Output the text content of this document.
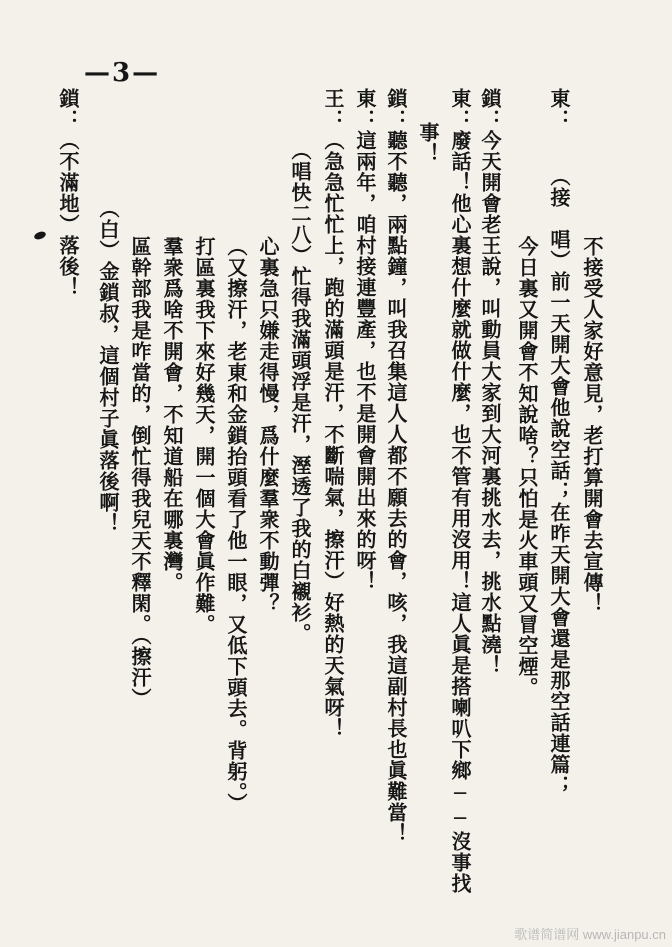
—3—
不接受人家好意見，老打算開會去宣傳！
（接　唱）前一天開大會他說空話；在昨天開大會還是那空話連篇；
今日裏又開會不知說啥？只怕是火車頭又冒空煙。
東：
鎖：今天開會老王說，叫動員大家到大河裏挑水去，挑水點澆！
東：廢話！他心裏想什麼就做什麼，也不管有用沒用！這人眞是搭喇叭下鄉──沒事找
事！
鎖：聽不聽，兩點鐘，叫我召集這人人都不願去的會，咳，我這副村長也眞難當！
東：這兩年，咱村接連豐產，也不是開會開出來的呀！
王：（急急忙忙上，跑的滿頭是汗，不斷喘氣，擦汗）好熱的天氣呀！
（唱快二八）忙得我滿頭浮是汗，溼透了我的白襯衫。
心裏急只嫌走得慢，爲什麼羣衆不動彈？
（又擦汗，老東和金鎖抬頭看了他一眼，又低下頭去。背躬。）
打區裏我下來好幾天，開一個大會眞作難。
羣衆爲啥不開會，不知道船在哪裏灣。
區幹部我是咋當的，倒忙得我兒天不釋閑。（擦汗）
（白）金鎖叔，這個村子眞落後啊！
鎖：（不滿地）落後！
歌谱简谱网 www.jianpu.cn
